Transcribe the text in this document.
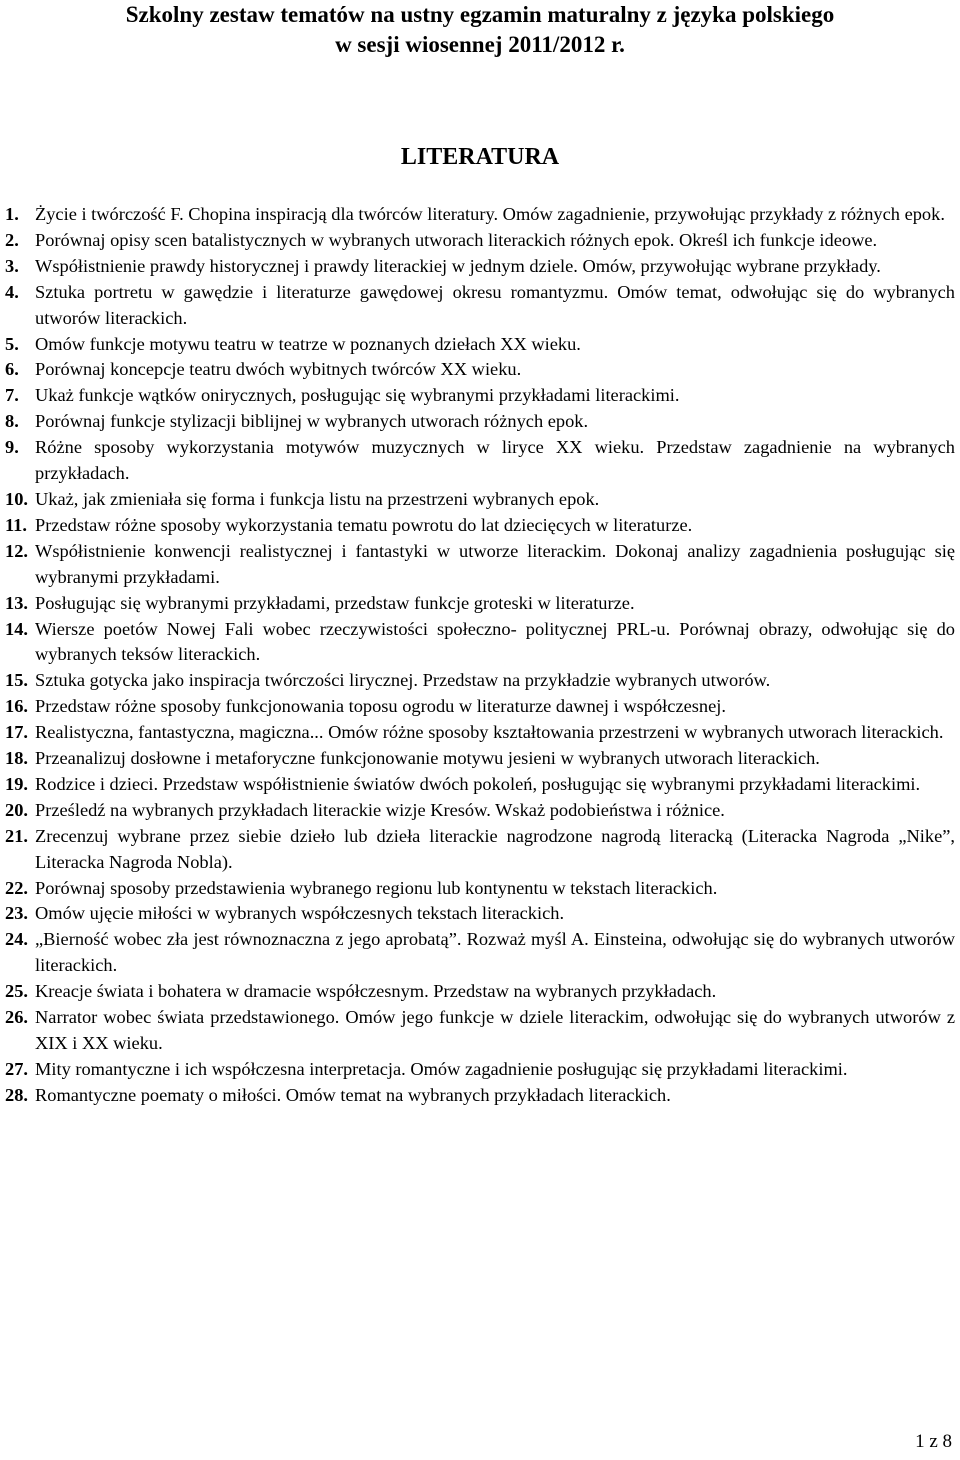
Szkolny zestaw tematów na ustny egzamin maturalny z języka polskiego
w sesji wiosennej 2011/2012 r.
LITERATURA
1. Życie i twórczość F. Chopina inspiracją dla twórców literatury. Omów zagadnienie, przywołując przykłady z różnych epok.
2. Porównaj opisy scen batalistycznych w wybranych utworach literackich różnych epok. Określ ich funkcje ideowe.
3. Współistnienie prawdy historycznej i prawdy literackiej w jednym dziele. Omów, przywołując wybrane przykłady.
4. Sztuka portretu w gawędzie i literaturze gawędowej okresu romantyzmu. Omów temat, odwołując się do wybranych utworów literackich.
5. Omów funkcje motywu teatru w teatrze w poznanych dziełach XX wieku.
6. Porównaj koncepcje teatru dwóch wybitnych twórców XX wieku.
7. Ukaż funkcje wątków onirycznych, posługując się wybranymi przykładami literackimi.
8. Porównaj funkcje stylizacji biblijnej w wybranych utworach różnych epok.
9. Różne sposoby wykorzystania motywów muzycznych w liryce XX wieku. Przedstaw zagadnienie na wybranych przykładach.
10. Ukaż, jak zmieniała się forma i funkcja listu na przestrzeni wybranych epok.
11. Przedstaw różne sposoby wykorzystania tematu powrotu do lat dziecięcych w literaturze.
12. Współistnienie konwencji realistycznej i fantastyki w utworze literackim. Dokonaj analizy zagadnienia posługując się wybranymi przykładami.
13. Posługując się wybranymi przykładami, przedstaw funkcje groteski w literaturze.
14. Wiersze poetów Nowej Fali wobec rzeczywistości społeczno- politycznej PRL-u. Porównaj obrazy, odwołując się do wybranych teksów literackich.
15. Sztuka gotycka jako inspiracja twórczości lirycznej. Przedstaw na przykładzie wybranych utworów.
16. Przedstaw różne sposoby funkcjonowania toposu ogrodu w literaturze dawnej i współczesnej.
17. Realistyczna, fantastyczna, magiczna... Omów różne sposoby kształtowania przestrzeni w wybranych utworach literackich.
18. Przeanalizuj dosłowne i metaforyczne funkcjonowanie motywu jesieni w wybranych utworach literackich.
19. Rodzice i dzieci. Przedstaw współistnienie światów dwóch pokoleń, posługując się wybranymi przykładami literackimi.
20. Prześledź na wybranych przykładach literackie wizje Kresów. Wskaż podobieństwa i różnice.
21. Zrecenzuj wybrane przez siebie dzieło lub dzieła literackie nagrodzone nagrodą literacką (Literacka Nagroda „Nike”, Literacka Nagroda Nobla).
22. Porównaj sposoby przedstawienia wybranego regionu lub kontynentu w tekstach literackich.
23. Omów ujęcie miłości w wybranych współczesnych tekstach literackich.
24. „Bierność wobec zła jest równoznaczna z jego aprobatą”. Rozważ myśl A. Einsteina, odwołując się do wybranych utworów literackich.
25. Kreacje świata i bohatera w dramacie współczesnym. Przedstaw na wybranych przykładach.
26. Narrator wobec świata przedstawionego. Omów jego funkcje w dziele literackim, odwołując się do wybranych utworów z XIX i XX wieku.
27. Mity romantyczne i ich współczesna interpretacja. Omów zagadnienie posługując się przykładami literackimi.
28. Romantyczne poematy o miłości. Omów temat na wybranych przykładach literackich.
1 z 8
